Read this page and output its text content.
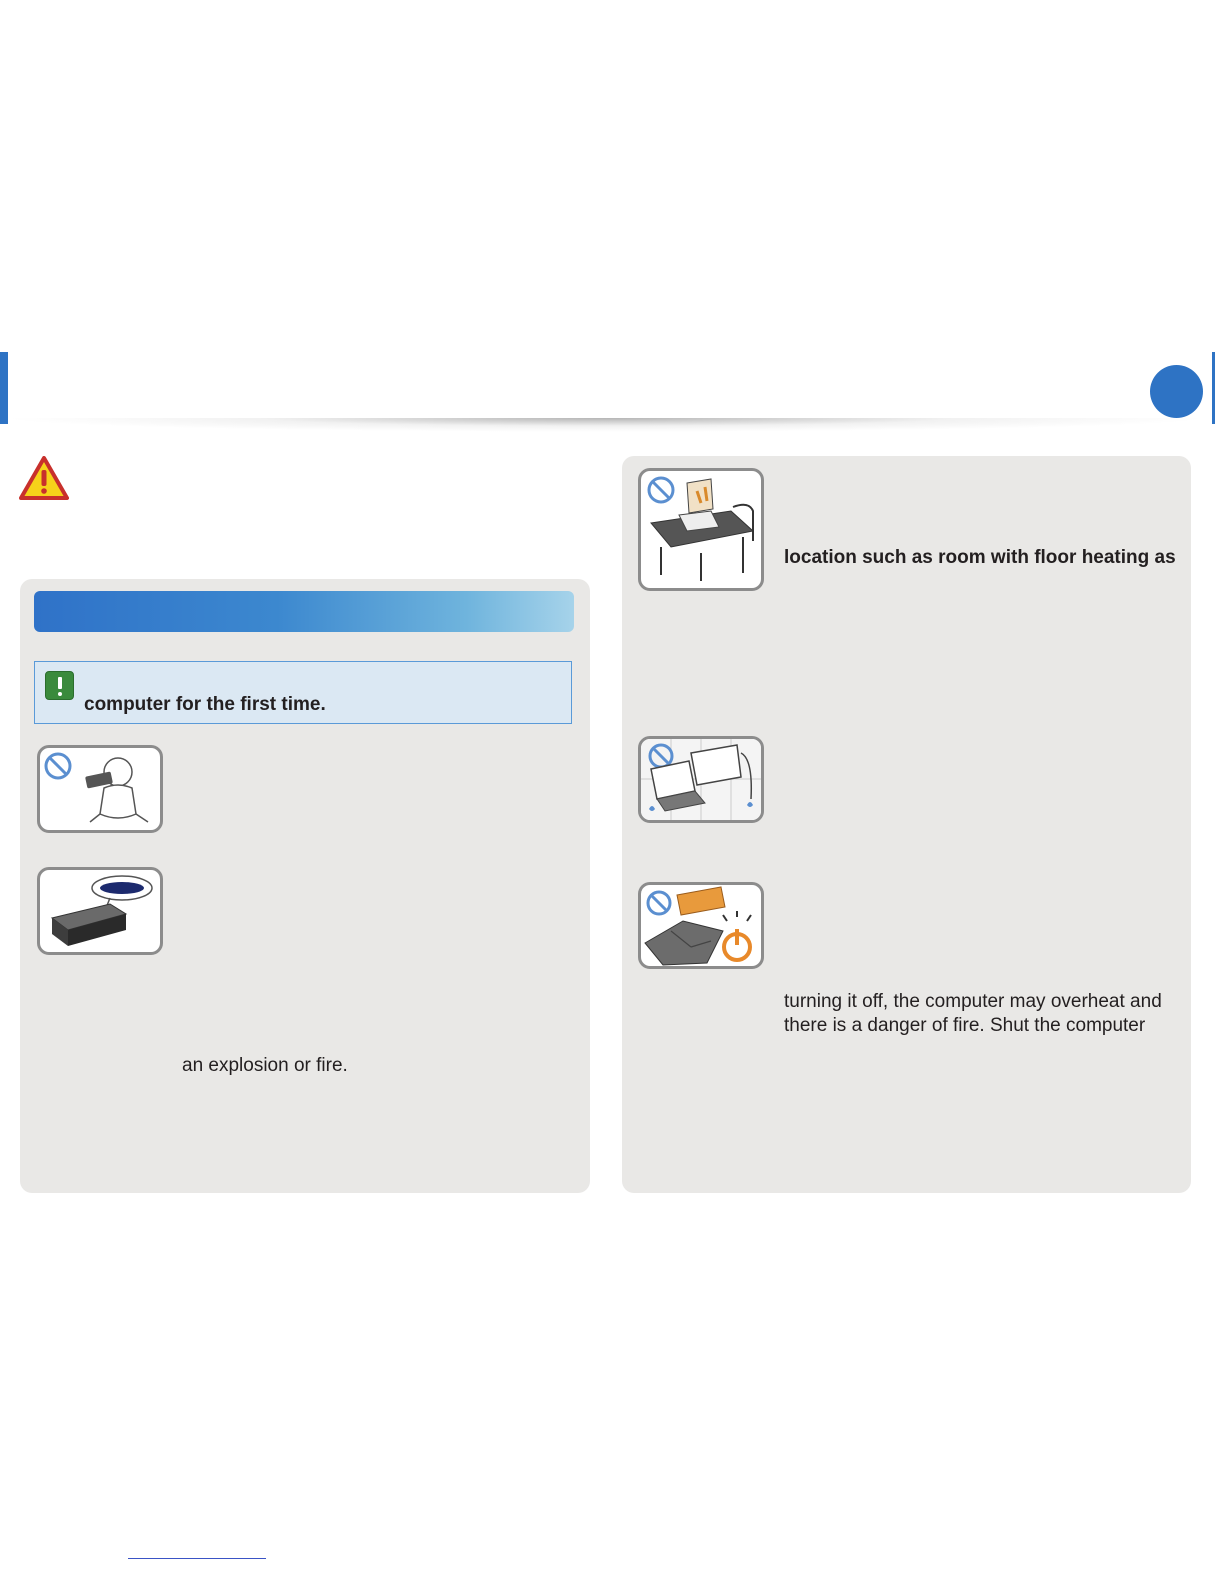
computer for the first time.
an explosion or fire.
location such as room with floor heating as
turning it off, the computer may overheat and
there is a danger of fire. Shut the computer
